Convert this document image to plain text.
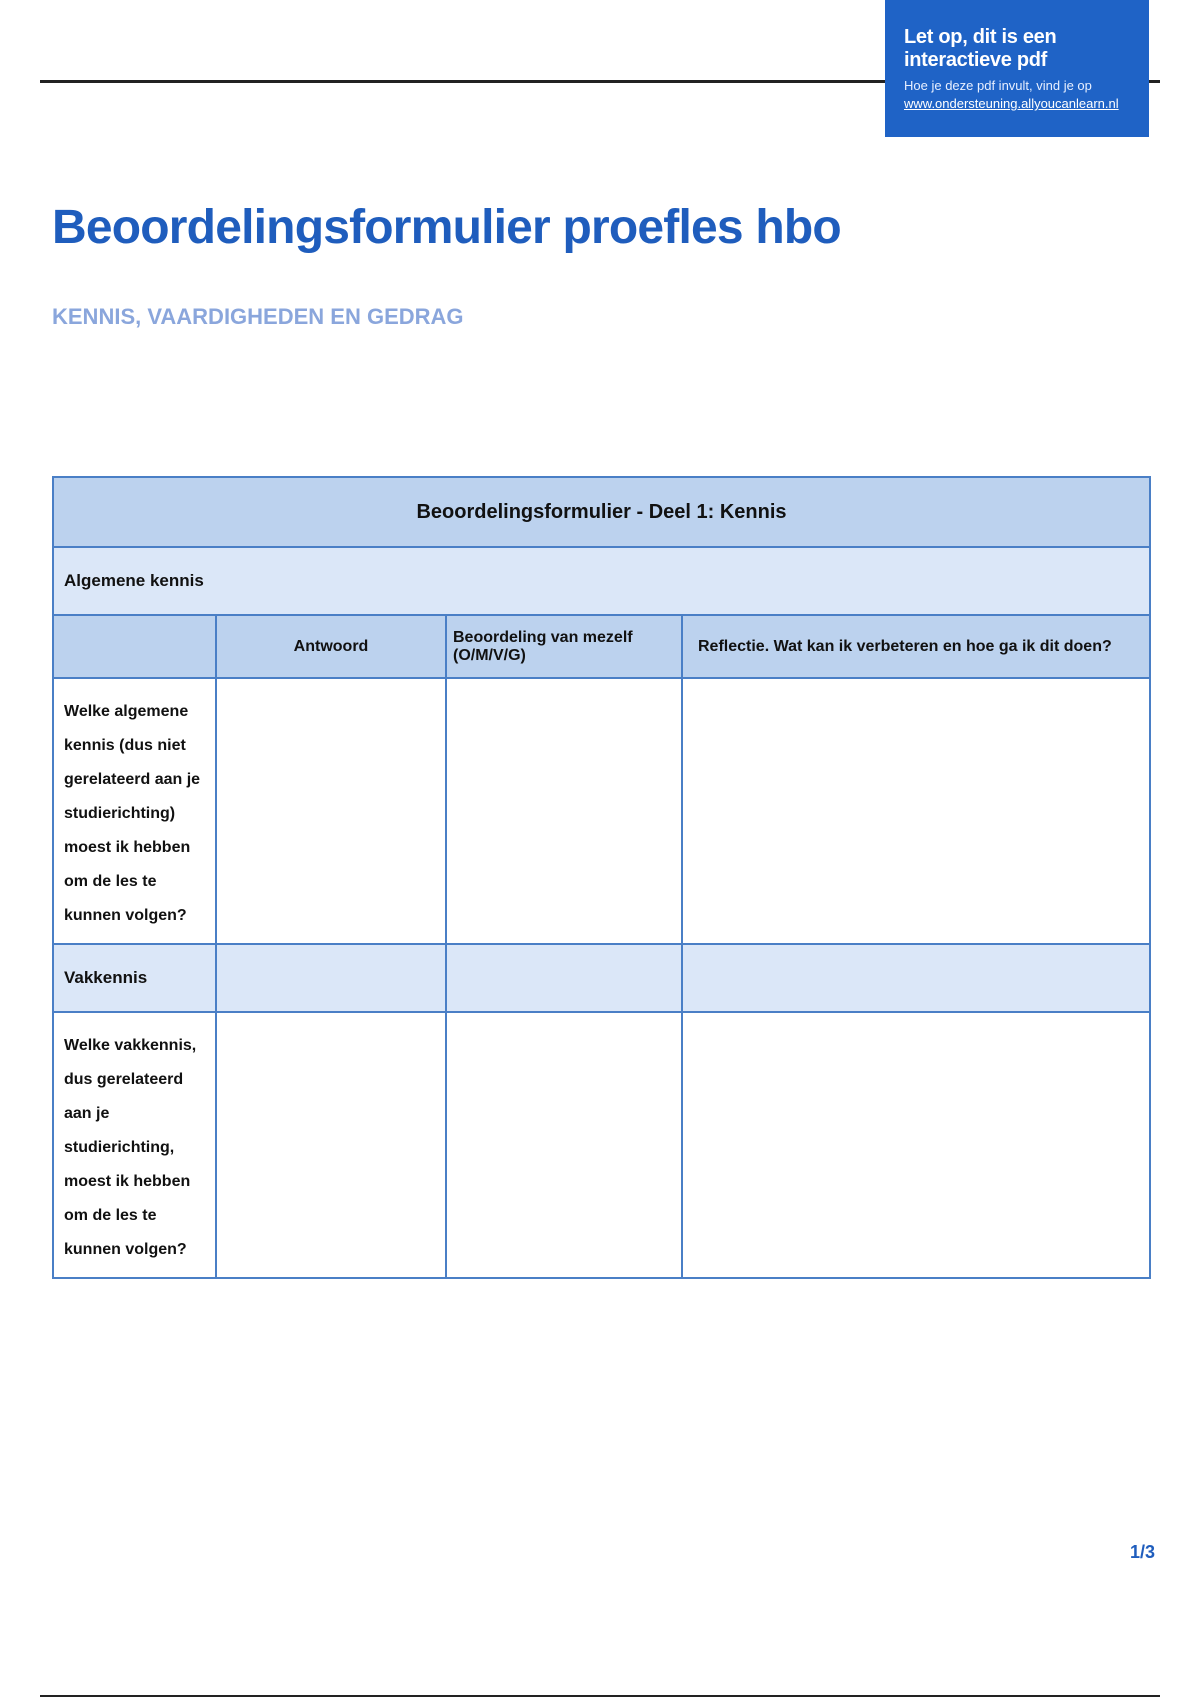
Let op, dit is een interactieve pdf
Hoe je deze pdf invult, vind je op
www.ondersteuning.allyoucanlearn.nl
Beoordelingsformulier proefles hbo
KENNIS, VAARDIGHEDEN EN GEDRAG
Beoordelingsformulier - Deel 1: Kennis			
Algemene kennis			
	Antwoord	Beoordeling van mezelf (O/M/V/G)	Reflectie. Wat kan ik verbeteren en hoe ga ik dit doen?
Welke algemene kennis (dus niet gerelateerd aan je studierichting) moest ik hebben om de les te kunnen volgen?			
Vakkennis			
Welke vakkennis, dus gerelateerd aan je studierichting, moest ik hebben om de les te kunnen volgen?			
1/3
